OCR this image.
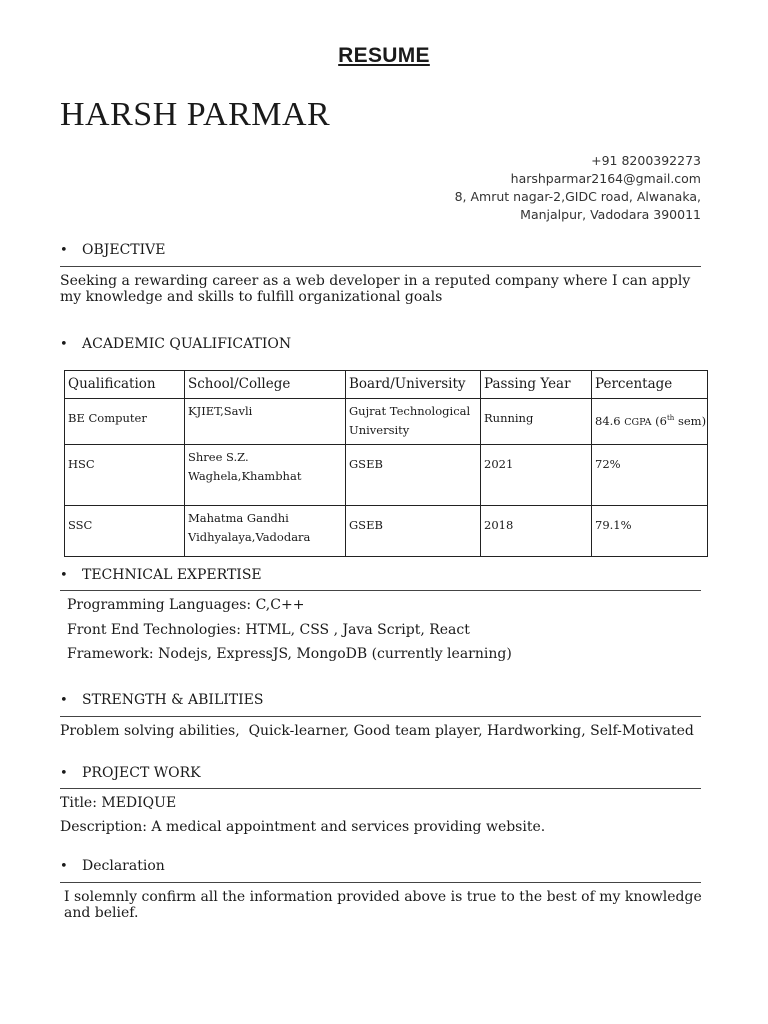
RESUME
HARSH PARMAR
+91 8200392273
harshparmar2164@gmail.com
8, Amrut nagar-2,GIDC road, Alwanaka,
Manjalpur, Vadodara 390011
• OBJECTIVE
Seeking a rewarding career as a web developer in a reputed company where I can apply my knowledge and skills to fulfill organizational goals
• ACADEMIC QUALIFICATION
Qualification	School/College	Board/University	Passing Year	Percentage
BE Computer	KJIET,Savli	Gujrat Technological University	Running	84.6 CGPA (6th sem)
HSC	Shree S.Z. Waghela,Khambhat	GSEB	2021	72%
SSC	Mahatma Gandhi Vidhyalaya,Vadodara	GSEB	2018	79.1%
• TECHNICAL EXPERTISE
Programming Languages: C,C++
Front End Technologies: HTML, CSS , Java Script, React
Framework: Nodejs, ExpressJS, MongoDB (currently learning)
• STRENGTH & ABILITIES
Problem solving abilities,  Quick-learner, Good team player, Hardworking, Self-Motivated
• PROJECT WORK
Title: MEDIQUE
Description: A medical appointment and services providing website.
• Declaration
I solemnly confirm all the information provided above is true to the best of my knowledge and belief.
